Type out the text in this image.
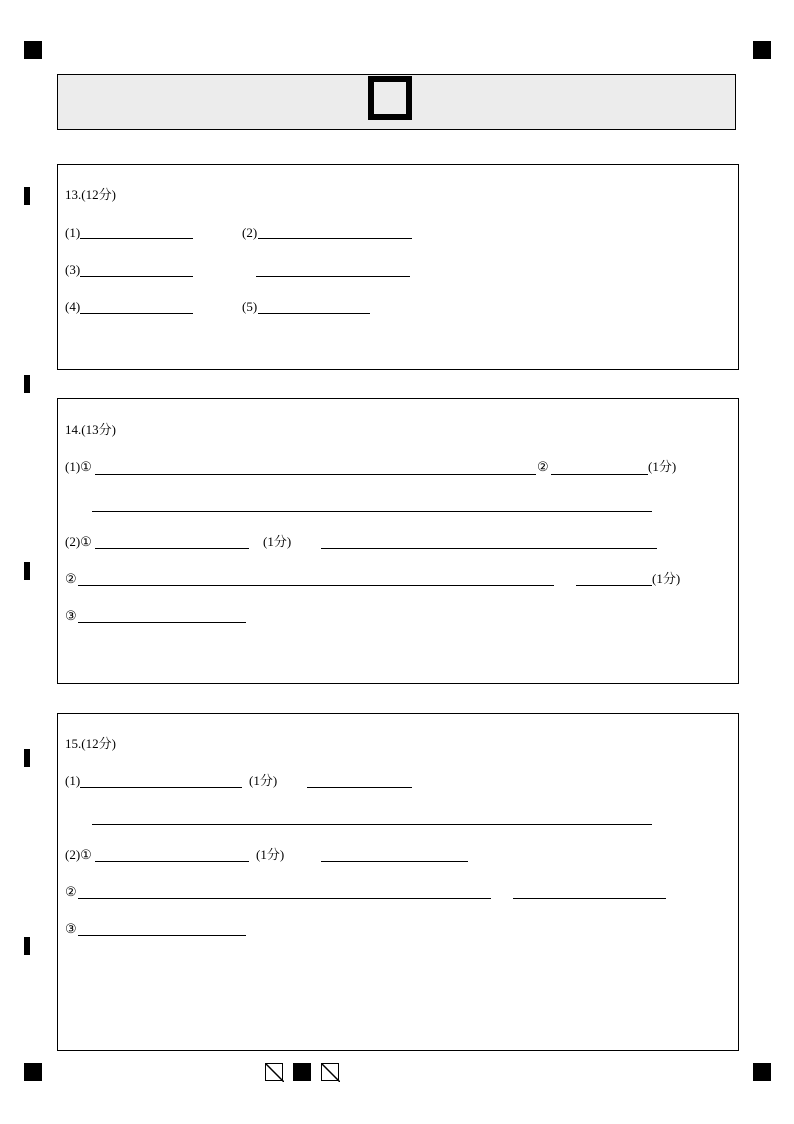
13.(12分)
(1)	(2)
(3)
(4)	(5)
14.(13分)
(1)①	②	(1分)
(2)①	(1分)
②	(1分)
③
15.(12分)
(1)	(1分)
(2)①	(1分)
②
③
